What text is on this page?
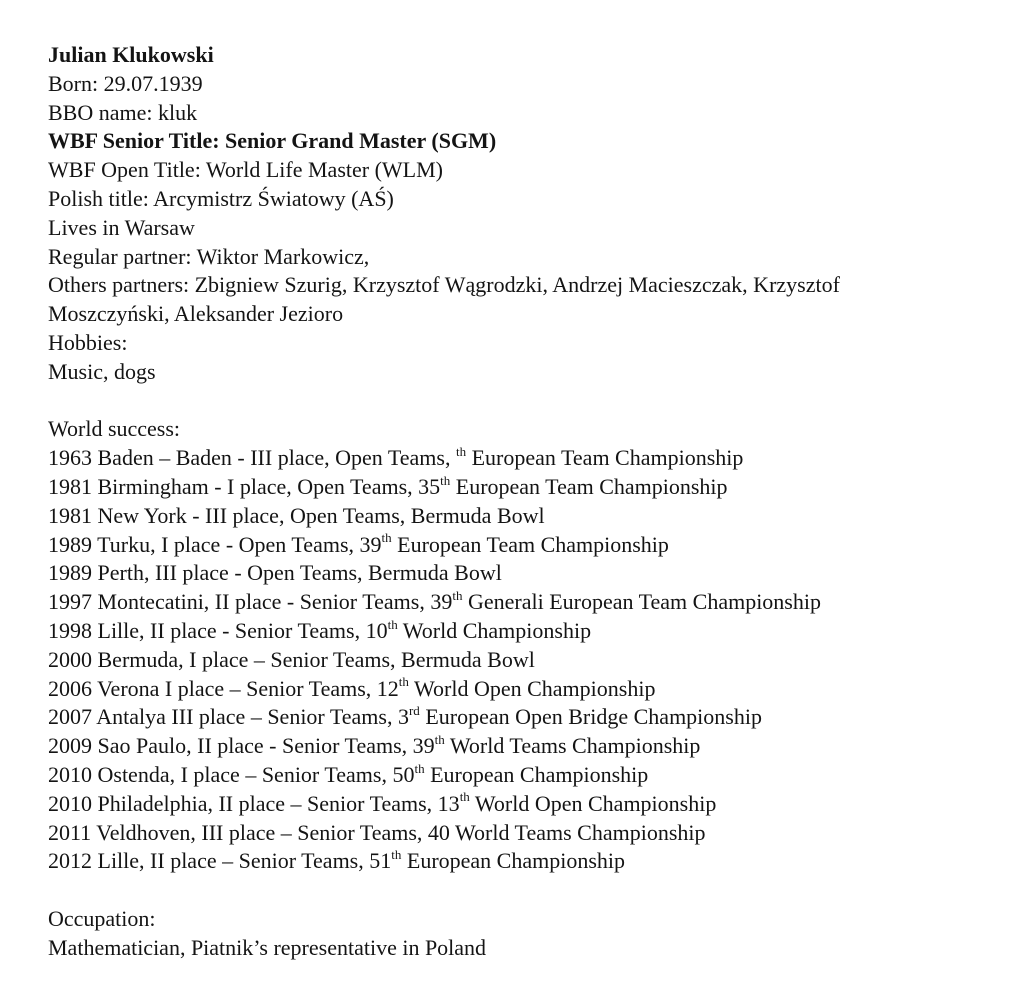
Julian Klukowski
Born: 29.07.1939
BBO name: kluk
WBF Senior Title: Senior Grand Master (SGM)
WBF Open Title: World Life Master (WLM)
Polish title: Arcymistrz Światowy (AŚ)
Lives in Warsaw
Regular partner: Wiktor Markowicz,
Others partners: Zbigniew Szurig, Krzysztof Wągrodzki, Andrzej Macieszczak, Krzysztof
Moszczyński, Aleksander Jezioro
Hobbies:
Music, dogs
World success:
1963 Baden – Baden - III place, Open Teams, $^{th}$ European Team Championship
1981 Birmingham - I place, Open Teams, 35th European Team Championship
1981 New York - III place, Open Teams, Bermuda Bowl
1989 Turku, I place - Open Teams, 39th European Team Championship
1989 Perth, III place - Open Teams, Bermuda Bowl
1997 Montecatini, II place - Senior Teams, 39th Generali European Team Championship
1998 Lille, II place - Senior Teams, 10th World Championship
2000 Bermuda, I place – Senior Teams, Bermuda Bowl
2006 Verona I place – Senior Teams, 12th World Open Championship
2007 Antalya III place – Senior Teams, 3rd European Open Bridge Championship
2009 Sao Paulo, II place - Senior Teams, 39th World Teams Championship
2010 Ostenda, I place – Senior Teams, 50th European Championship
2010 Philadelphia, II place – Senior Teams, 13th World Open Championship
2011 Veldhoven, III place – Senior Teams, 40 World Teams Championship
2012 Lille, II place – Senior Teams, 51th European Championship
Occupation:
Mathematician, Piatnik’s representative in Poland
